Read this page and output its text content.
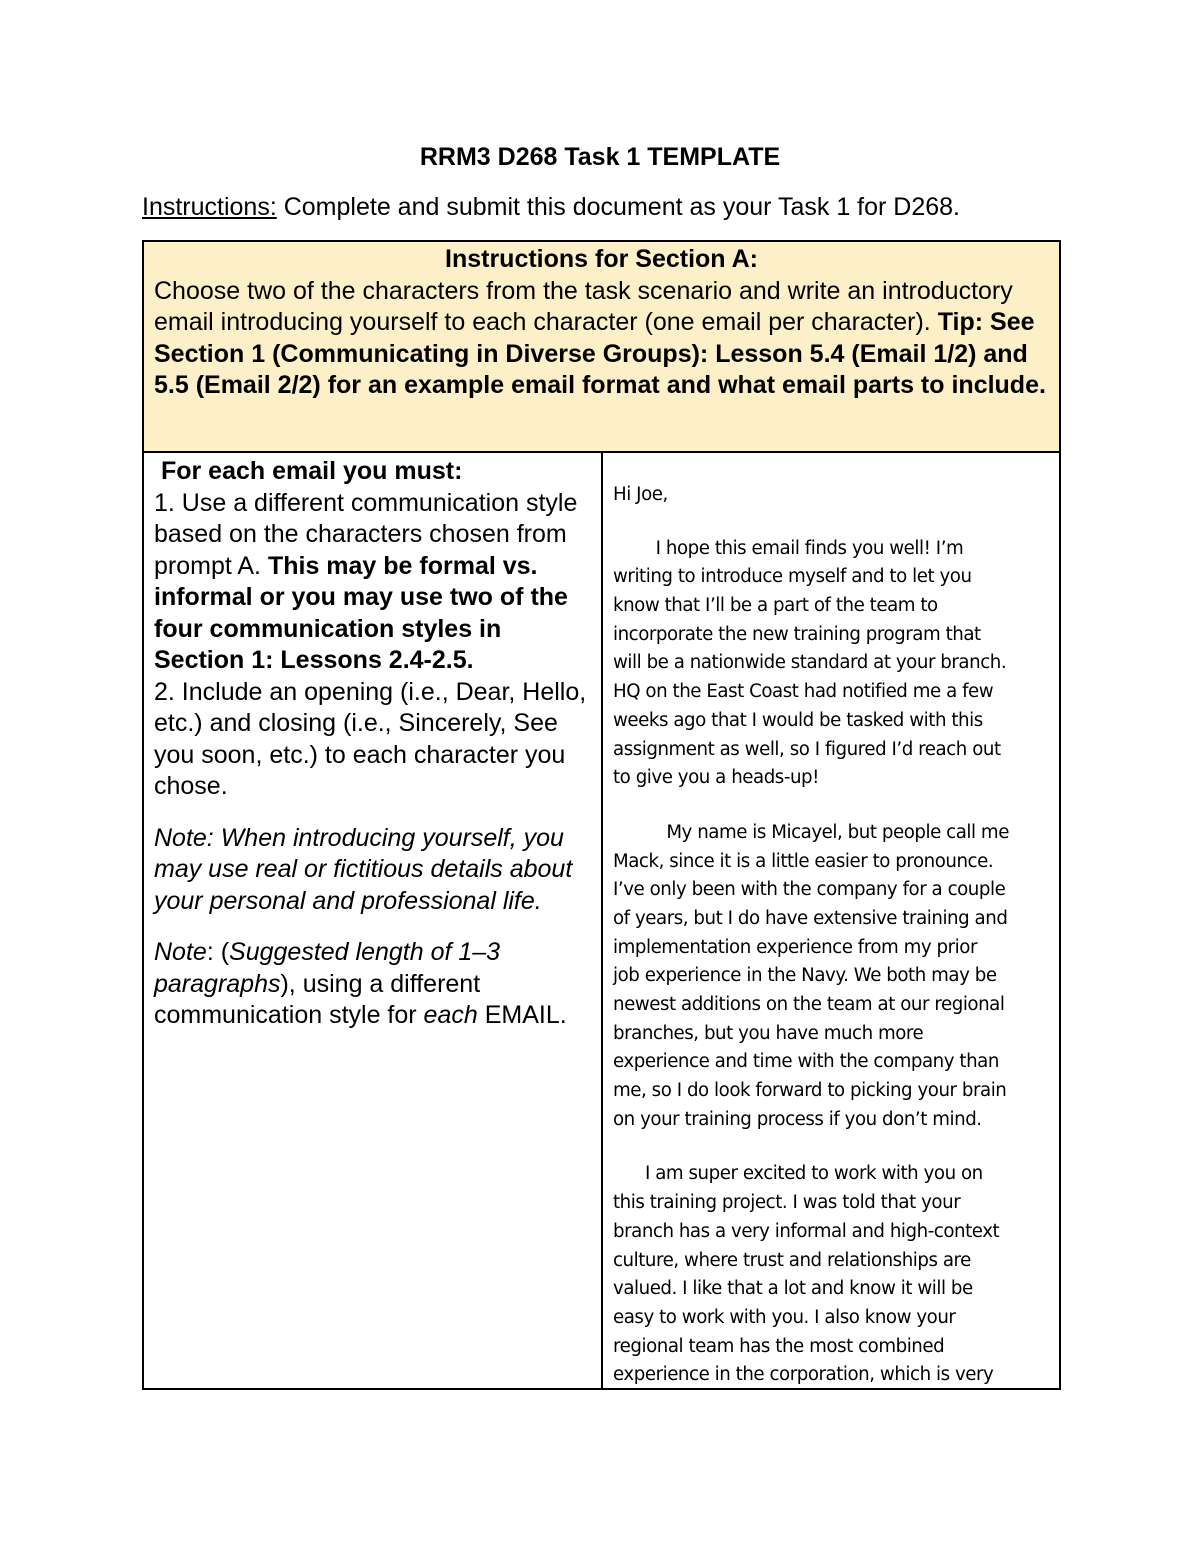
RRM3 D268 Task 1 TEMPLATE
Instructions: Complete and submit this document as your Task 1 for D268.
Instructions for Section A:
Choose two of the characters from the task scenario and write an introductory email introducing yourself to each character (one email per character). Tip: See Section 1 (Communicating in Diverse Groups): Lesson 5.4 (Email 1/2) and 5.5 (Email 2/2) for an example email format and what email parts to include.

For each email you must:

1. Use a different communication style based on the characters chosen from prompt A. This may be formal vs. informal or you may use two of the four communication styles in Section 1: Lessons 2.4-2.5.

2. Include an opening (i.e., Dear, Hello, etc.) and closing (i.e., Sincerely, See you soon, etc.) to each character you chose.

Note: When introducing yourself, you may use real or fictitious details about your personal and professional life.

Note: (Suggested length of 1–3 paragraphs), using a different communication style for each EMAIL.

Hi Joe,

I hope this email finds you well! I’m
writing to introduce myself and to let you
know that I’ll be a part of the team to
incorporate the new training program that
will be a nationwide standard at your branch.
HQ on the East Coast had notified me a few
weeks ago that I would be tasked with this
assignment as well, so I figured I’d reach out
to give you a heads-up!
My name is Micayel, but people call me
Mack, since it is a little easier to pronounce.
I’ve only been with the company for a couple
of years, but I do have extensive training and
implementation experience from my prior
job experience in the Navy. We both may be
newest additions on the team at our regional
branches, but you have much more
experience and time with the company than
me, so I do look forward to picking your brain
on your training process if you don’t mind.
I am super excited to work with you on
this training project. I was told that your
branch has a very informal and high-context
culture, where trust and relationships are
valued. I like that a lot and know it will be
easy to work with you. I also know your
regional team has the most combined
experience in the corporation, which is very
